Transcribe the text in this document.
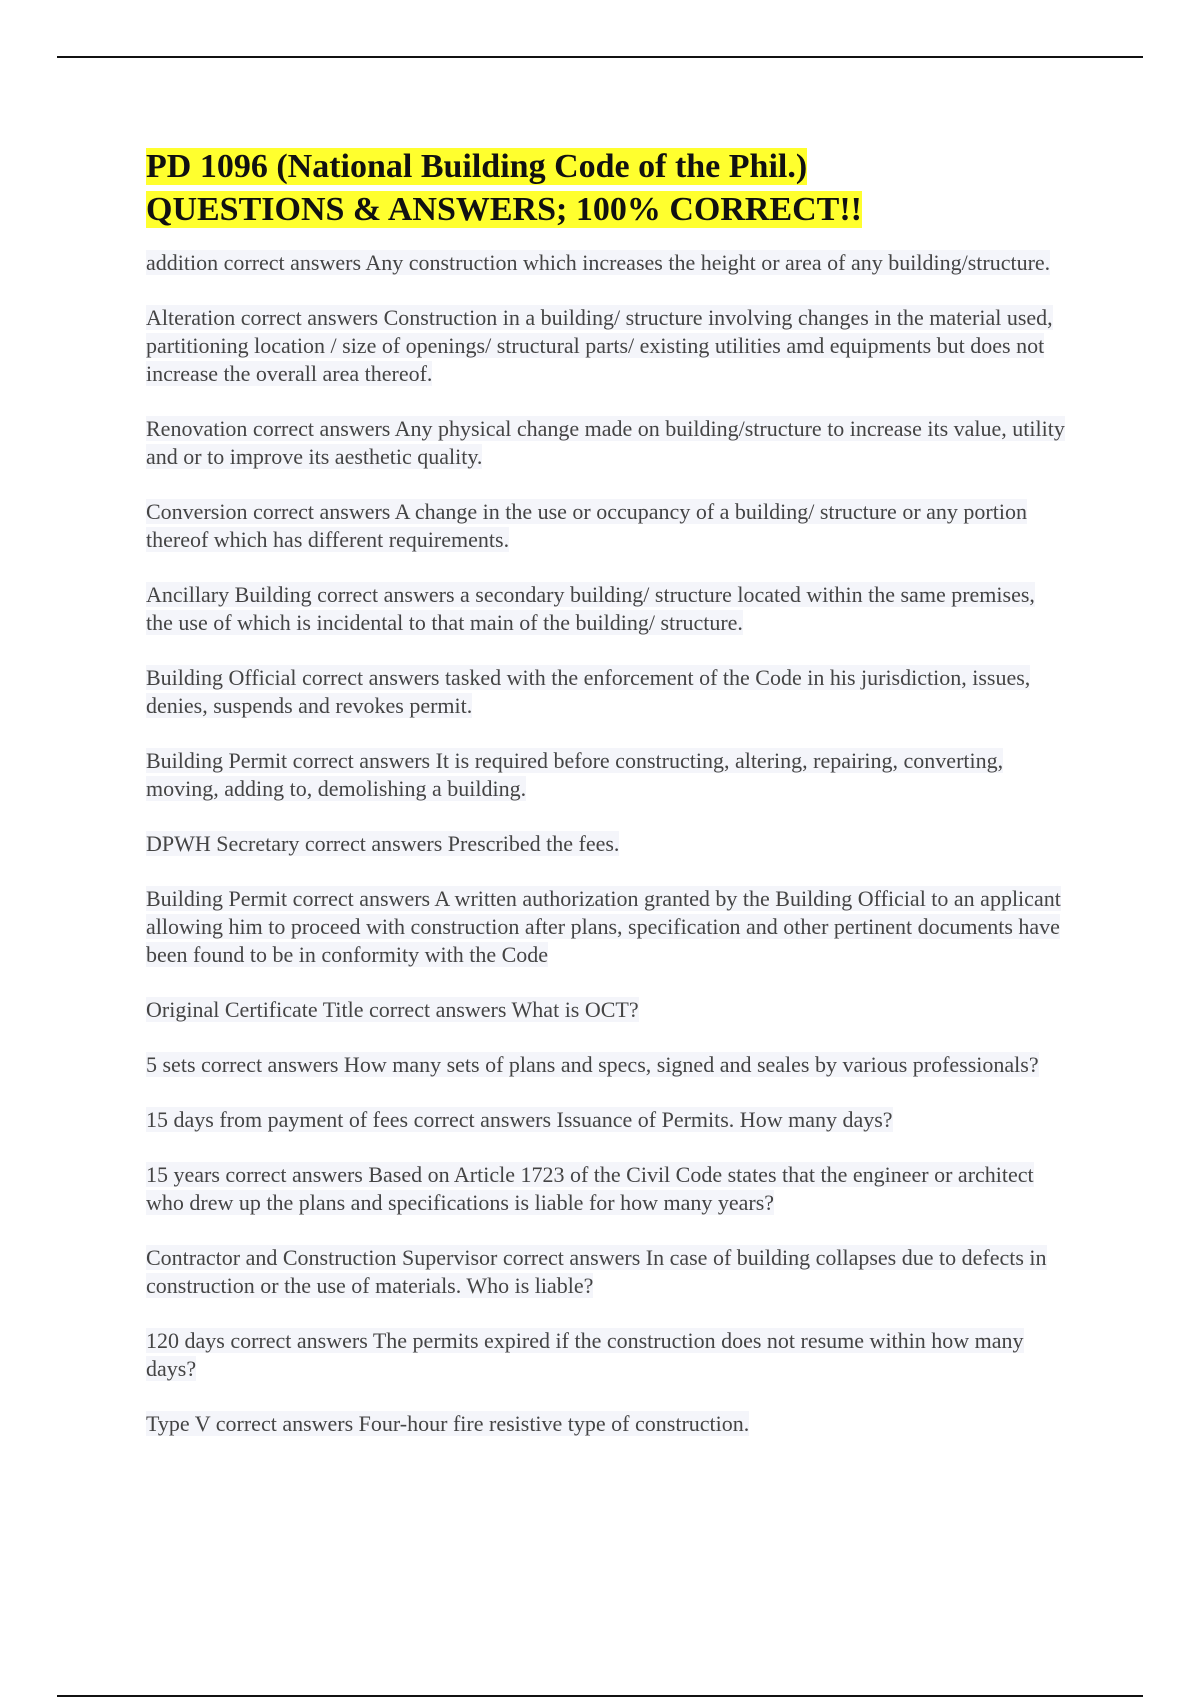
PD 1096 (National Building Code of the Phil.)
QUESTIONS & ANSWERS; 100% CORRECT!!

addition correct answers Any construction which increases the height or area of any building/structure.

Alteration correct answers Construction in a building/ structure involving changes in the material used, partitioning location / size of openings/ structural parts/ existing utilities amd equipments but does not increase the overall area thereof.

Renovation correct answers Any physical change made on building/structure to increase its value, utility and or to improve its aesthetic quality.

Conversion correct answers A change in the use or occupancy of a building/ structure or any portion thereof which has different requirements.

Ancillary Building correct answers a secondary building/ structure located within the same premises, the use of which is incidental to that main of the building/ structure.

Building Official correct answers tasked with the enforcement of the Code in his jurisdiction, issues, denies, suspends and revokes permit.

Building Permit correct answers It is required before constructing, altering, repairing, converting, moving, adding to, demolishing a building.

DPWH Secretary correct answers Prescribed the fees.

Building Permit correct answers A written authorization granted by the Building Official to an applicant allowing him to proceed with construction after plans, specification and other pertinent documents have been found to be in conformity with the Code

Original Certificate Title correct answers What is OCT?

5 sets correct answers How many sets of plans and specs, signed and seales by various professionals?

15 days from payment of fees correct answers Issuance of Permits. How many days?

15 years correct answers Based on Article 1723 of the Civil Code states that the engineer or architect who drew up the plans and specifications is liable for how many years?

Contractor and Construction Supervisor correct answers In case of building collapses due to defects in construction or the use of materials. Who is liable?

120 days correct answers The permits expired if the construction does not resume within how many days?

Type V correct answers Four-hour fire resistive type of construction.
